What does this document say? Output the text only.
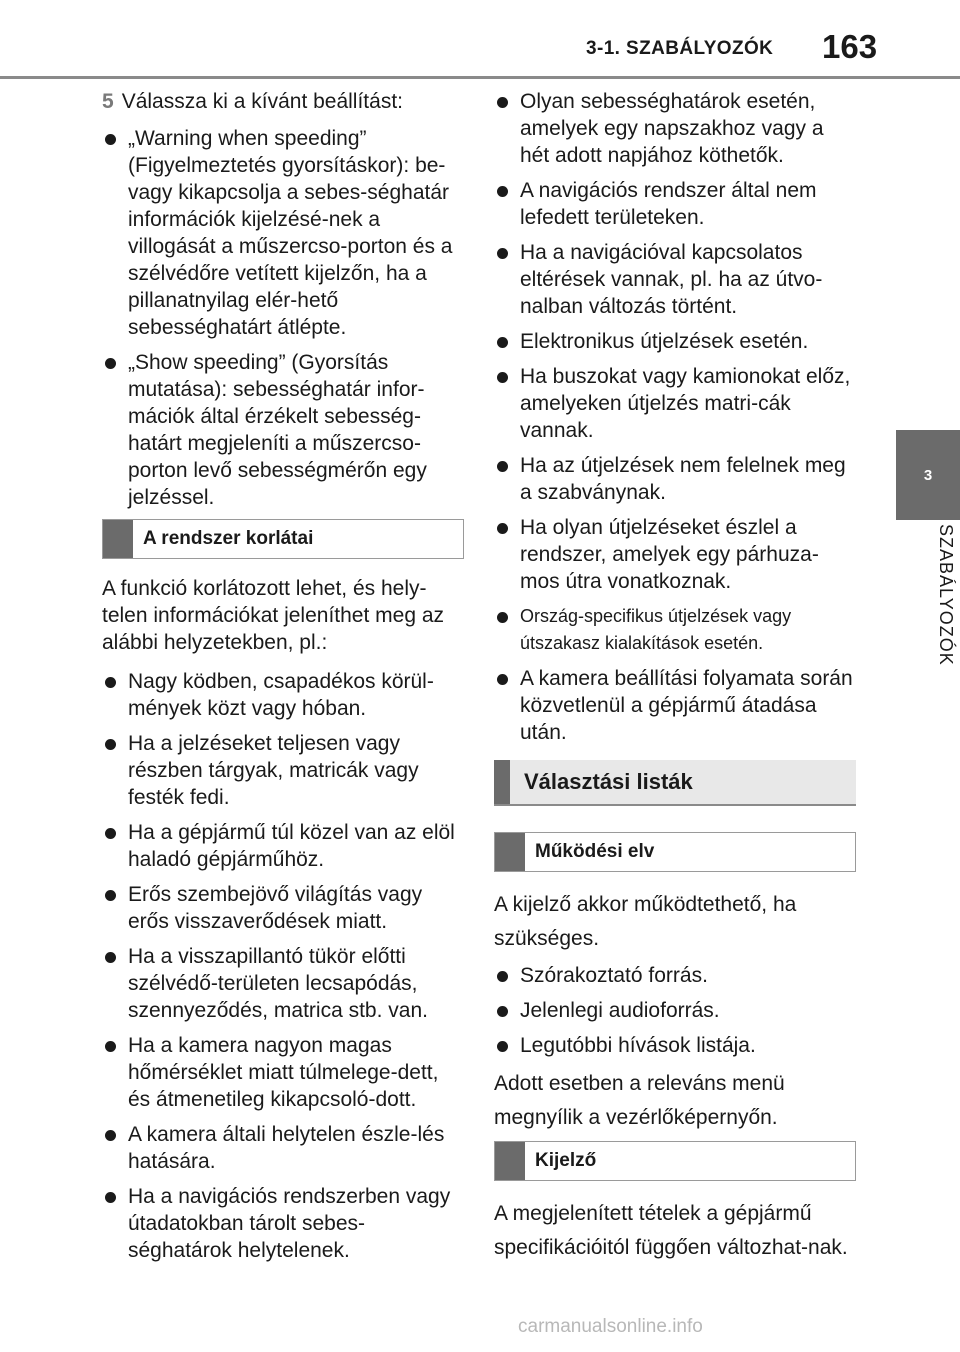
3-1. SZABÁLYOZÓK 163
3
SZABÁLYOZÓK

5 Válassza ki a kívánt beállítást:

„Warning when speeding” (Figyelmeztetés gyorsításkor): be- vagy kikapcsolja a sebes-séghatár információk kijelzésé-nek a villogását a műszercso-porton és a szélvédőre vetített kijelzőn, ha a pillanatnyilag elér-hető sebességhatárt átlépte.
„Show speeding” (Gyorsítás mutatása): sebességhatár infor-mációk által érzékelt sebesség-határt megjeleníti a műszercso-porton levő sebességmérőn egy jelzéssel.
A rendszer korlátai

A funkció korlátozott lehet, és hely-telen információkat jeleníthet meg az alábbi helyzetekben, pl.:

Nagy ködben, csapadékos körül-mények közt vagy hóban.
Ha a jelzéseket teljesen vagy részben tárgyak, matricák vagy festék fedi.
Ha a gépjármű túl közel van az elöl haladó gépjárműhöz.
Erős szembejövő világítás vagy erős visszaverődések miatt.
Ha a visszapillantó tükör előtti szélvédő-területen lecsapódás, szennyeződés, matrica stb. van.
Ha a kamera nagyon magas hőmérséklet miatt túlmelege-dett, és átmenetileg kikapcsoló-dott.
A kamera általi helytelen észle-lés hatására.
Ha a navigációs rendszerben vagy útadatokban tárolt sebes-séghatárok helytelenek.
Olyan sebességhatárok esetén, amelyek egy napszakhoz vagy a hét adott napjához köthetők.
A navigációs rendszer által nem lefedett területeken.
Ha a navigációval kapcsolatos eltérések vannak, pl. ha az útvo-nalban változás történt.
Elektronikus útjelzések esetén.
Ha buszokat vagy kamionokat előz, amelyeken útjelzés matri-cák vannak.
Ha az útjelzések nem felelnek meg a szabványnak.
Ha olyan útjelzéseket észlel a rendszer, amelyek egy párhuza-mos útra vonatkoznak.
Ország-specifikus útjelzések vagy útszakasz kialakítások esetén.
A kamera beállítási folyamata során közvetlenül a gépjármű átadása után.
Választási listák
Működési elv

A kijelző akkor működtethető, ha szükséges.

Szórakoztató forrás.
Jelenlegi audioforrás.
Legutóbbi hívások listája.

Adott esetben a releváns menü megnyílik a vezérlőképernyőn.

Kijelző

A megjelenített tételek a gépjármű specifikációitól függően változhat-nak.

carmanualsonline.info
